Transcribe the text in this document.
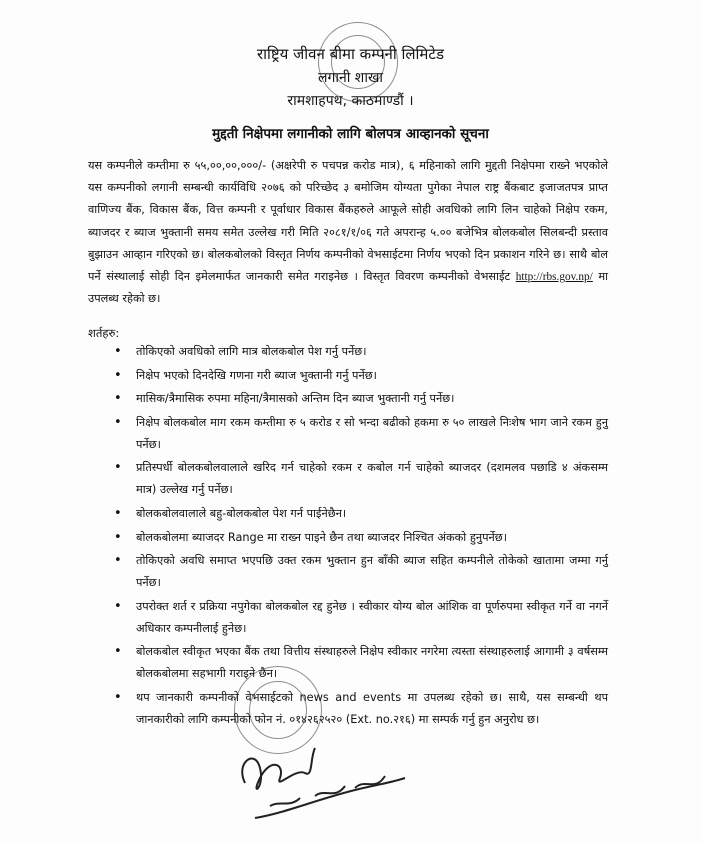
राष्ट्रिय जीवन बीमा कम्पनी लिमिटेड
लगानी शाखा
रामशाहपथ, काठमाण्डौं ।
मुद्दती निक्षेपमा लगानीको लागि बोलपत्र आव्हानको सूचना
यस कम्पनीले कम्तीमा रु ५५,००,००,०००/- (अक्षरेपी रु पचपन्न करोड मात्र), ६ महिनाको लागि मुद्दती निक्षेपमा राख्ने भएकोले यस कम्पनीको लगानी सम्बन्धी कार्यविधि २०७६ को परिच्छेद ३ बमोजिम योग्यता पुगेका नेपाल राष्ट्र बैंकबाट इजाजतपत्र प्राप्त वाणिज्य बैंक, विकास बैंक, वित्त कम्पनी र पूर्वाधार विकास बैंकहरुले आफूले सोही अवधिको लागि लिन चाहेको निक्षेप रकम, ब्याजदर र ब्याज भुक्तानी समय समेत उल्लेख गरी मिति २०८१/१/०६ गते अपरान्ह ५.०० बजेभित्र बोलकबोल सिलबन्दी प्रस्ताव बुझाउन आव्हान गरिएको छ। बोलकबोलको विस्तृत निर्णय कम्पनीको वेभसाईटमा निर्णय भएको दिन प्रकाशन गरिने छ। साथै बोल पर्ने संस्थालाई सोही दिन इमेलमार्फत जानकारी समेत गराइनेछ । विस्तृत विवरण कम्पनीको वेभसाईट http://rbs.gov.np/ मा उपलब्ध रहेको छ।
शर्तहरु:
• तोकिएको अवधिको लागि मात्र बोलकबोल पेश गर्नु पर्नेछ।
• निक्षेप भएको दिनदेखि गणना गरी ब्याज भुक्तानी गर्नु पर्नेछ।
• मासिक/त्रैमासिक रुपमा महिना/त्रैमासको अन्तिम दिन ब्याज भुक्तानी गर्नु पर्नेछ।
• निक्षेप बोलकबोल माग रकम कम्तीमा रु ५ करोड र सो भन्दा बढीको हकमा रु ५० लाखले निःशेष भाग जाने रकम हुनु पर्नेछ।
• प्रतिस्पर्धी बोलकबोलवालाले खरिद गर्न चाहेको रकम र कबोल गर्न चाहेको ब्याजदर (दशमलव पछाडि ४ अंकसम्म मात्र) उल्लेख गर्नु पर्नेछ।
• बोलकबोलवालाले बहु-बोलकबोल पेश गर्न पाईनेछैन।
• बोलकबोलमा ब्याजदर Range मा राख्न पाइने छैन तथा ब्याजदर निश्चित अंकको हुनुपर्नेछ।
• तोकिएको अवधि समाप्त भएपछि उक्त रकम भुक्तान हुन बाँकी ब्याज सहित कम्पनीले तोकेको खातामा जम्मा गर्नु पर्नेछ।
• उपरोक्त शर्त र प्रक्रिया नपुगेका बोलकबोल रद्द हुनेछ । स्वीकार योग्य बोल आंशिक वा पूर्णरुपमा स्वीकृत गर्ने वा नगर्ने अधिकार कम्पनीलाई हुनेछ।
• बोलकबोल स्वीकृत भएका बैंक तथा वित्तीय संस्थाहरुले निक्षेप स्वीकार नगरेमा त्यस्ता संस्थाहरुलाई आगामी ३ वर्षसम्म बोलकबोलमा सहभागी गराइने छैन।
• थप जानकारी कम्पनीको वेभसाईटको news and events मा उपलब्ध रहेको छ। साथै, यस सम्बन्धी थप जानकारीको लागि कम्पनीको फोन नं. ०१४२६२५२० (Ext. no.२१६) मा सम्पर्क गर्नु हुन अनुरोध छ।
